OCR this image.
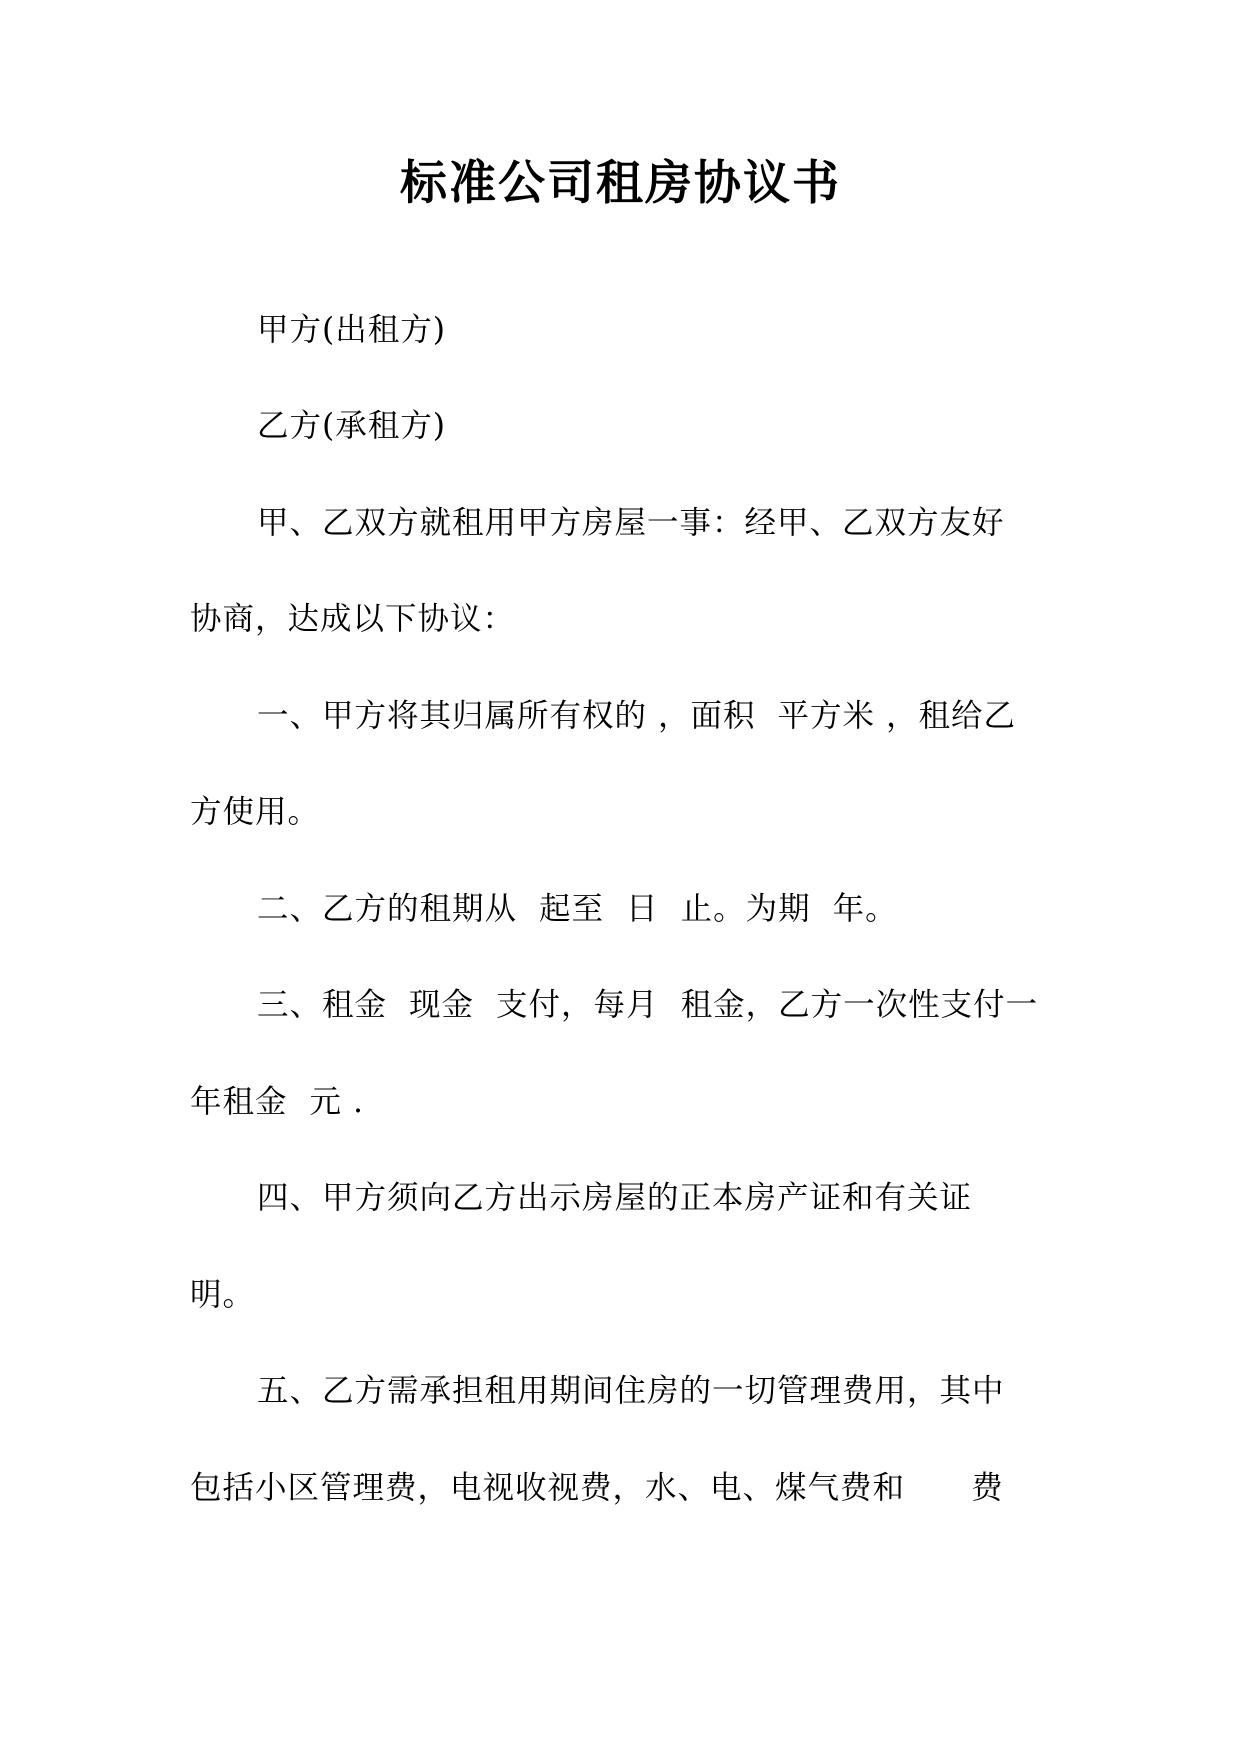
标准公司租房协议书

甲方(出租方)

乙方(承租方)

甲、乙双方就租用甲方房屋一事：经甲、乙双方友好

协商，达成以下协议：

一、甲方将其归属所有权的 ，面积  平方米 ，租给乙

方使用。

二、乙方的租期从  起至  日  止。为期  年。

三、租金  现金  支付，每月  租金，乙方一次性支付一

年租金  元 .

四、甲方须向乙方出示房屋的正本房产证和有关证

明。

五、乙方需承担租用期间住房的一切管理费用，其中

包括小区管理费，电视收视费，水、电、煤气费和      费
